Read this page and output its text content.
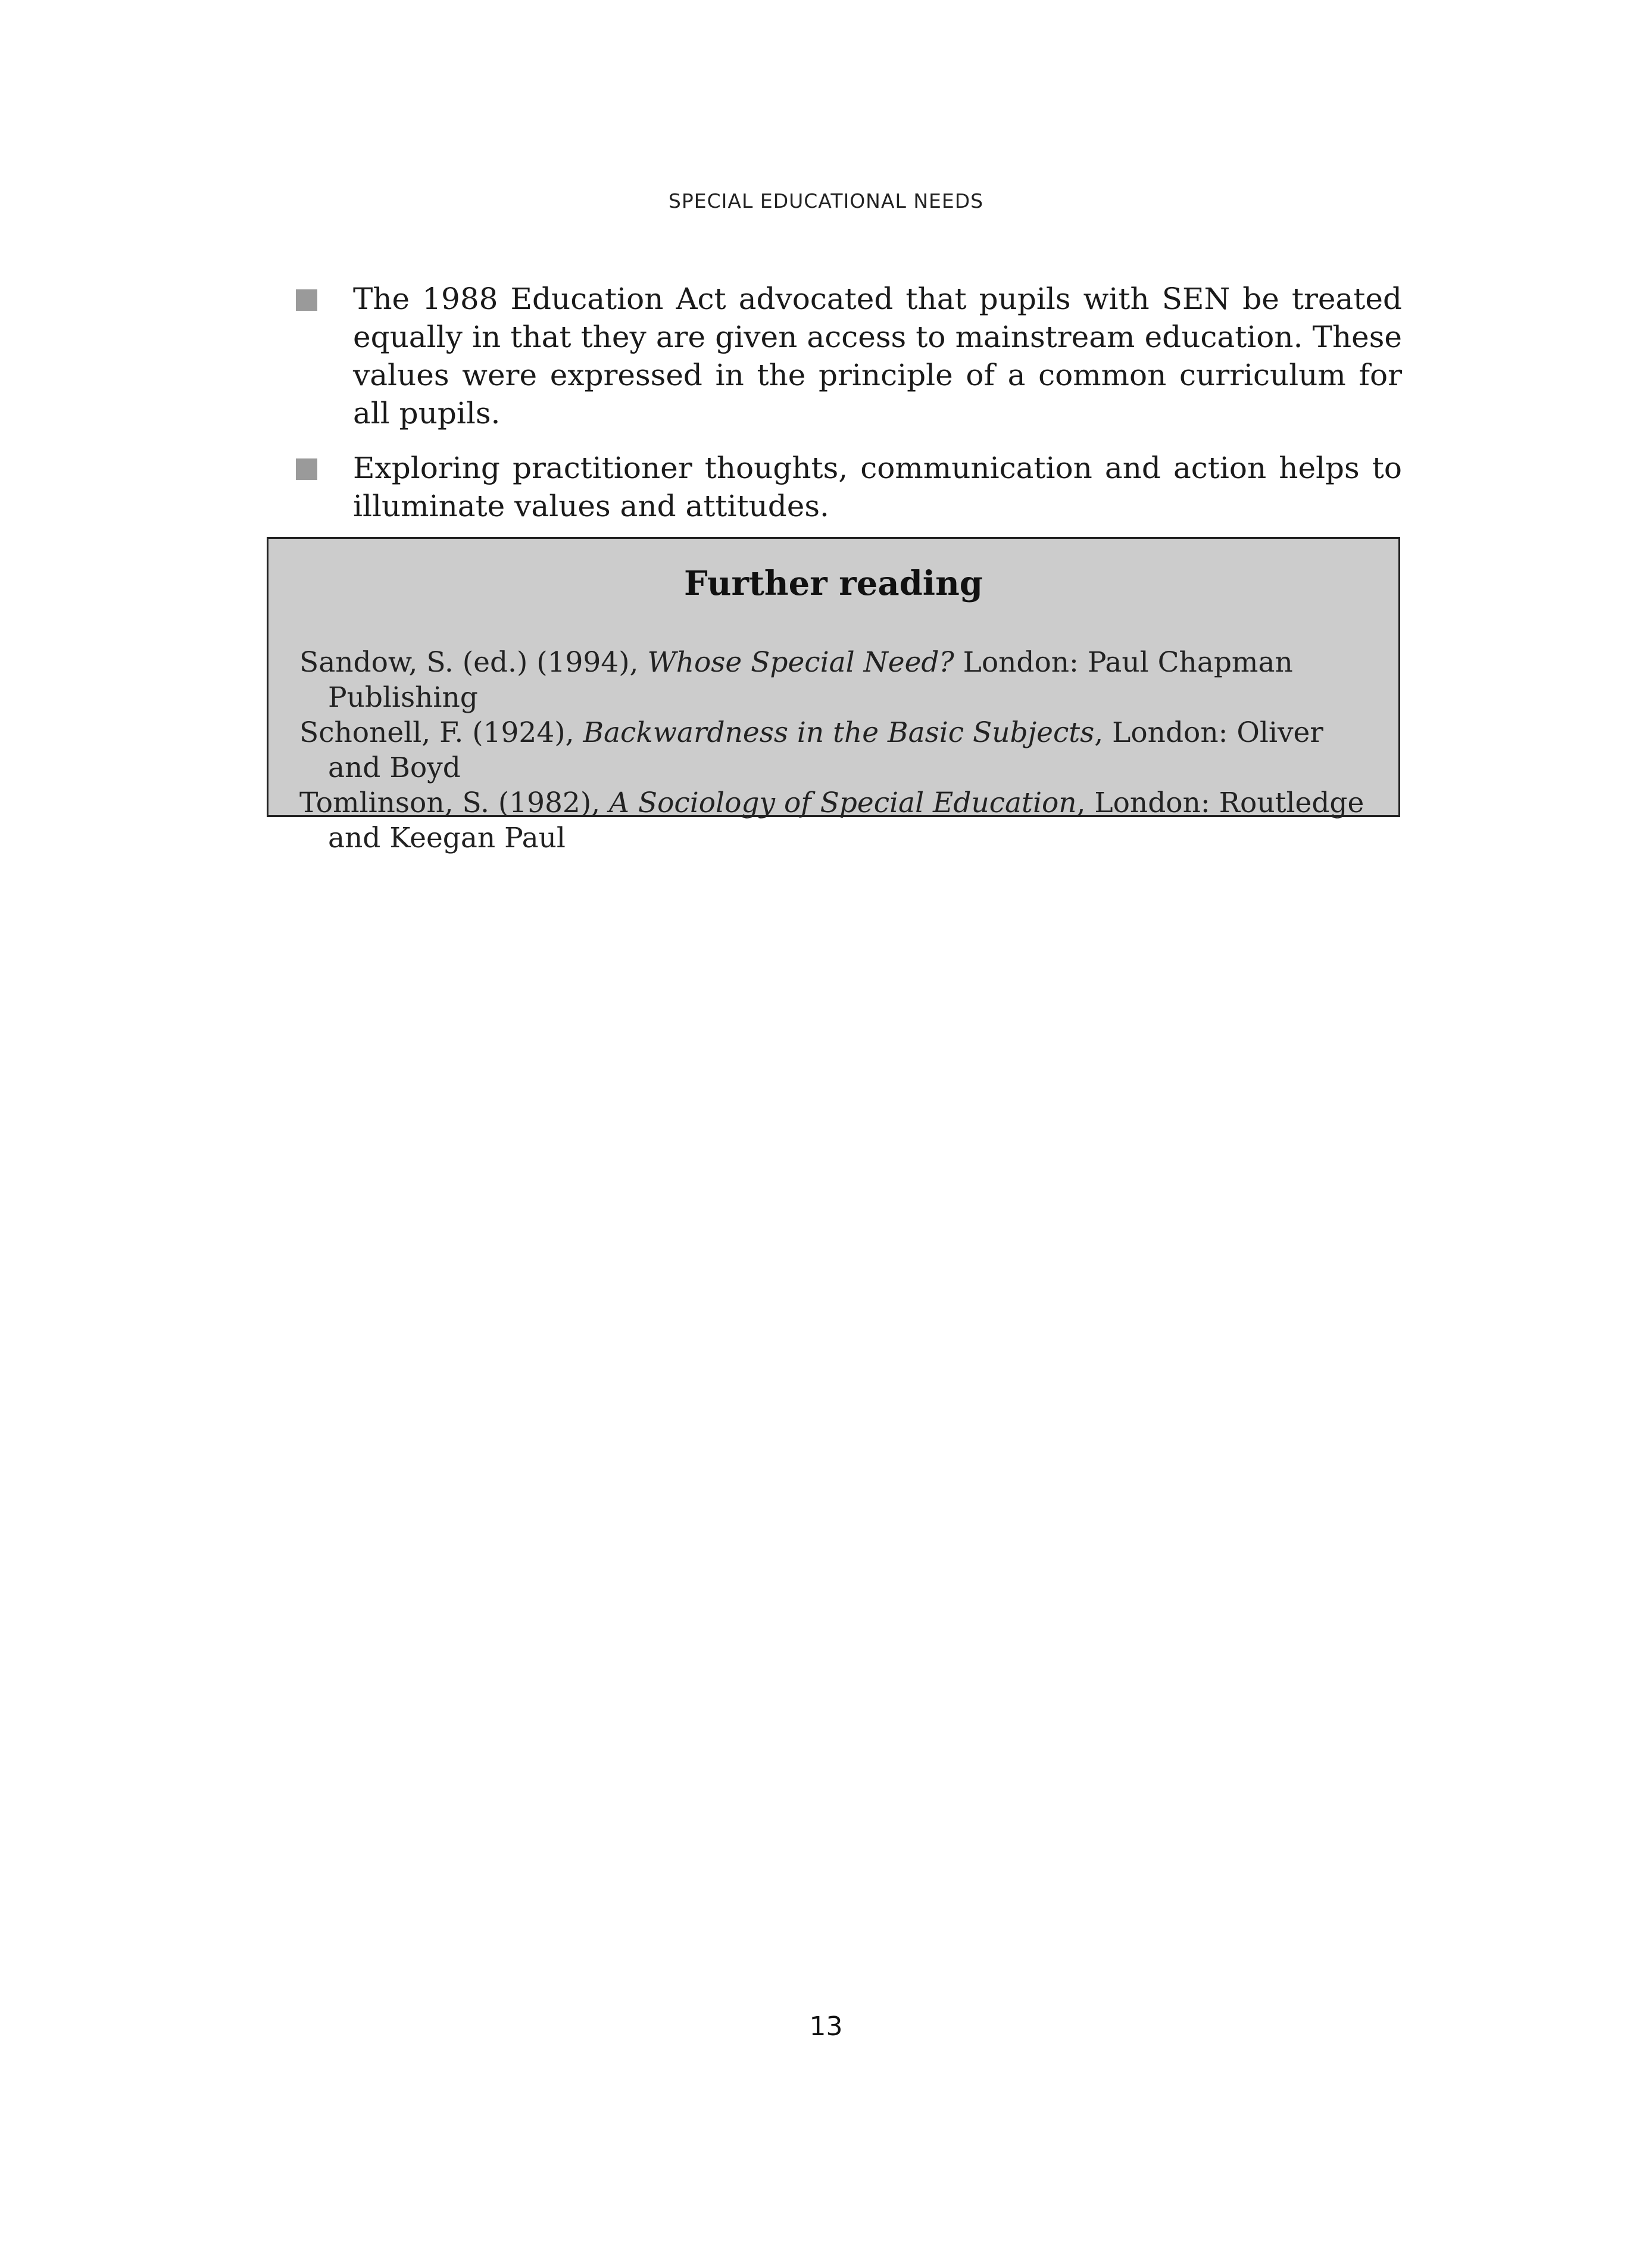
SPECIAL EDUCATIONAL NEEDS
The 1988 Education Act advocated that pupils with SEN be treated equally in that they are given access to mainstream education. These values were expressed in the principle of a common curriculum for all pupils.
Exploring practitioner thoughts, communication and action helps to illuminate values and attitudes.
Further reading
Sandow, S. (ed.) (1994), Whose Special Need? London: Paul Chapman Publishing
Schonell, F. (1924), Backwardness in the Basic Subjects, London: Oliver and Boyd
Tomlinson, S. (1982), A Sociology of Special Education, London: Routledge and Keegan Paul
13
